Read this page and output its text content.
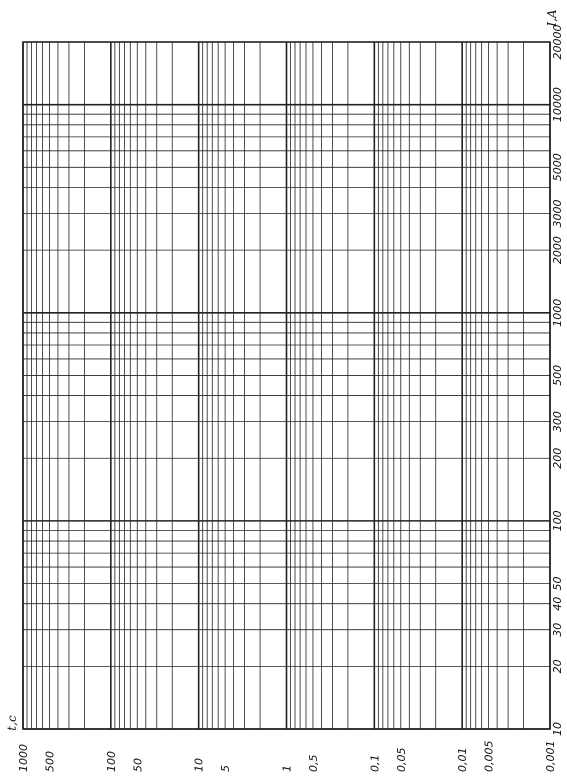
1000 500	100 50	10 5	1 0,5	0,1 0,05	0,01 0,005	0,001
10
20
30
40
50
100
200
300
500
1000
2000
3000
5000
10000
20000
t,c
I,A
